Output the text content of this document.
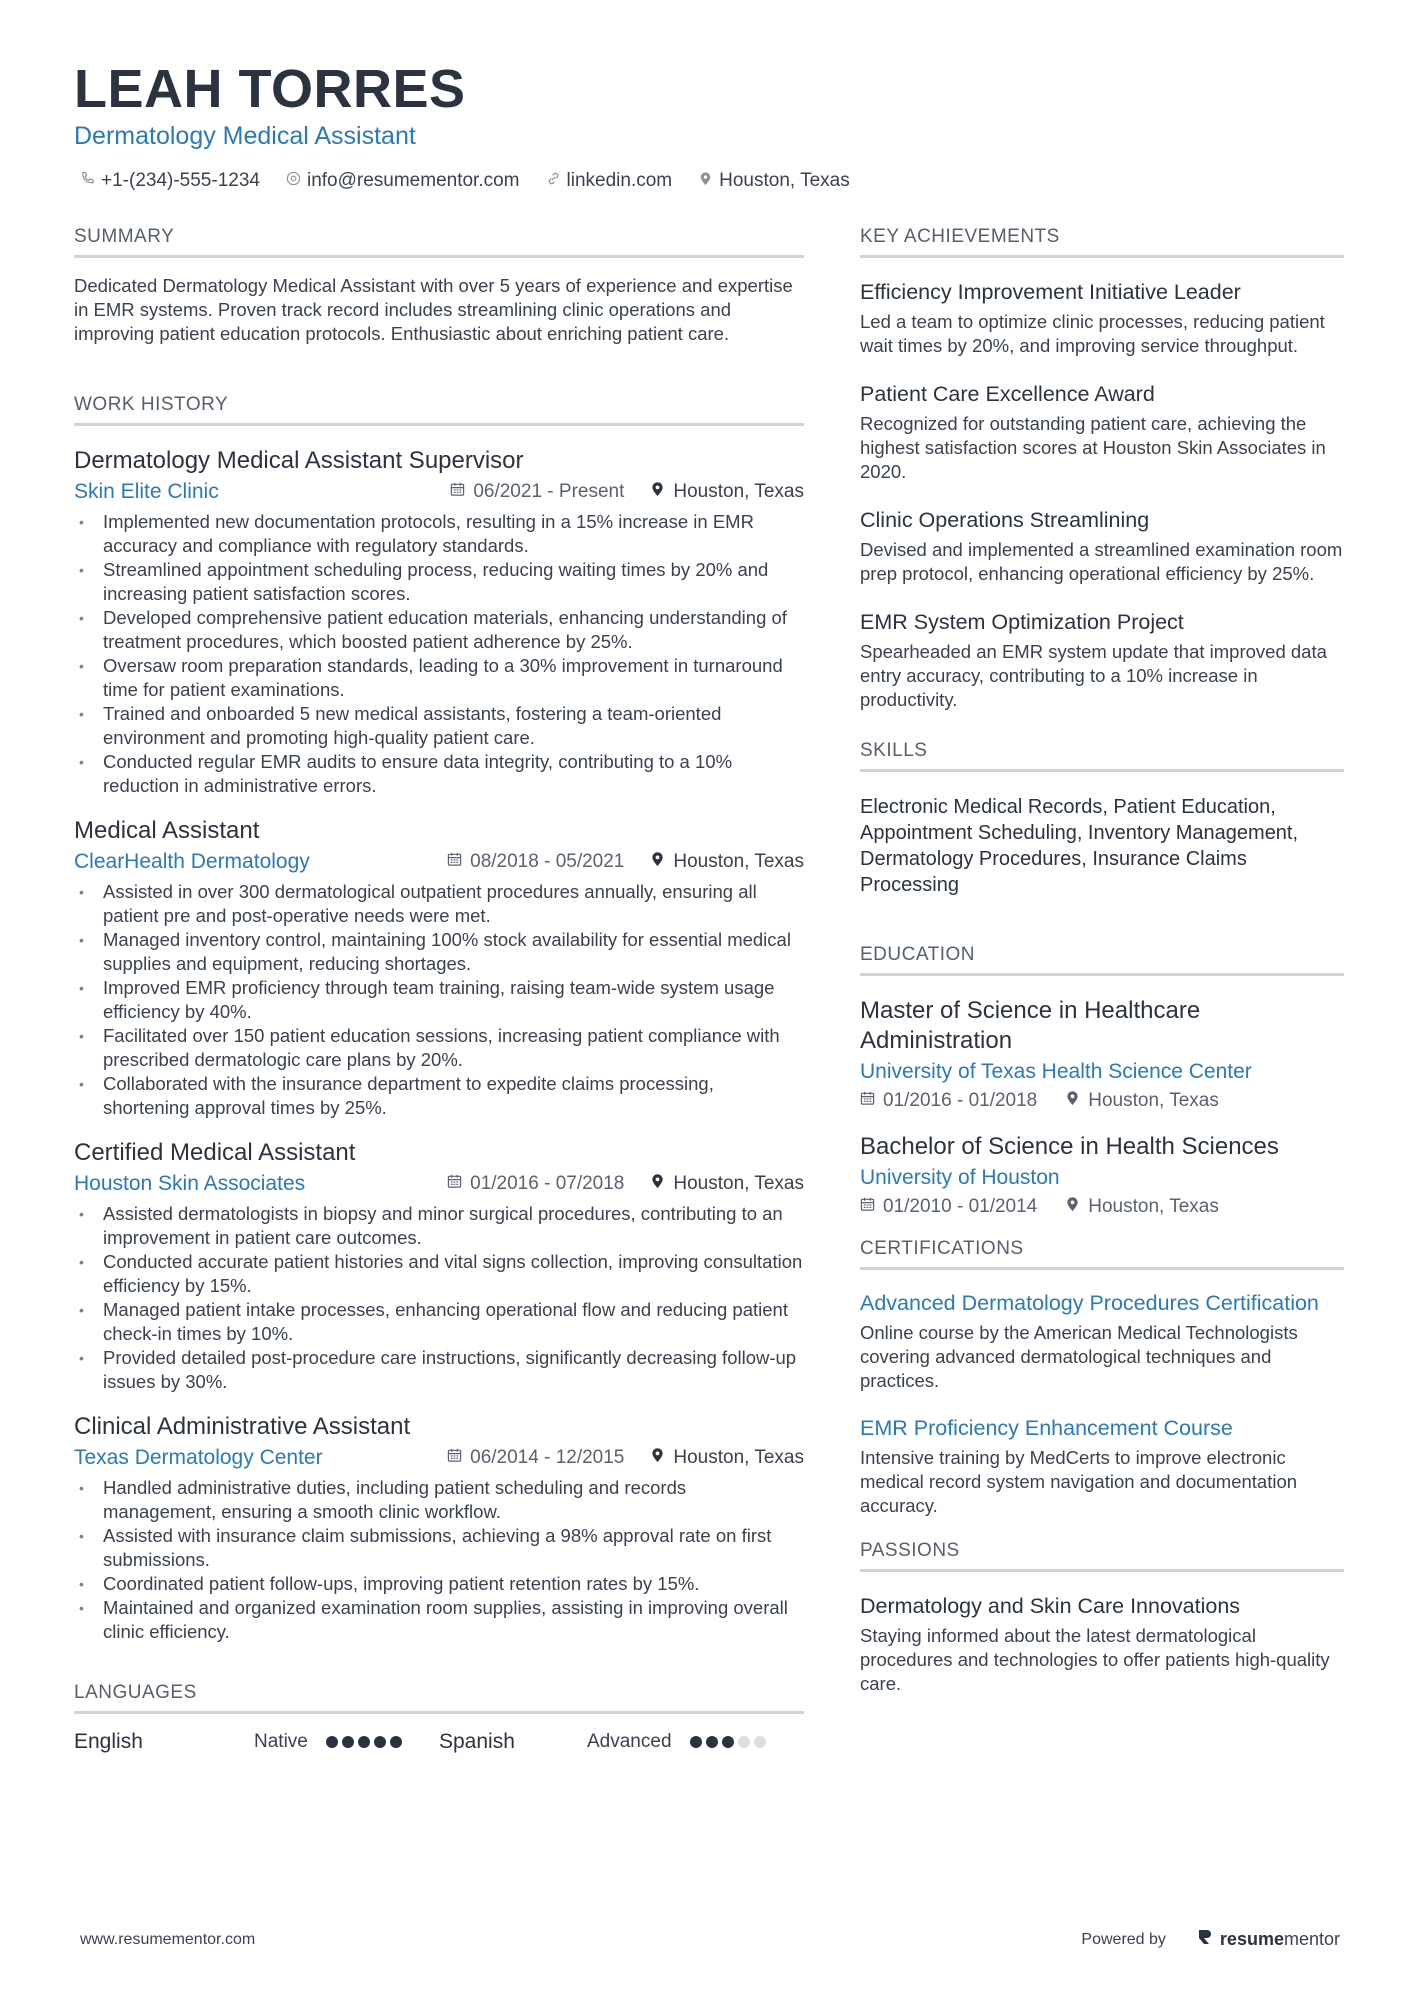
LEAH TORRES
Dermatology Medical Assistant
+1-(234)-555-1234 info@resumementor.com linkedin.com Houston, Texas
SUMMARY
Dedicated Dermatology Medical Assistant with over 5 years of experience and expertise in EMR systems. Proven track record includes streamlining clinic operations and improving patient education protocols. Enthusiastic about enriching patient care.
WORK HISTORY
Dermatology Medical Assistant Supervisor
Skin Elite Clinic	06/2021 - Present	Houston, Texas
• Implemented new documentation protocols, resulting in a 15% increase in EMR accuracy and compliance with regulatory standards.
• Streamlined appointment scheduling process, reducing waiting times by 20% and increasing patient satisfaction scores.
• Developed comprehensive patient education materials, enhancing understanding of treatment procedures, which boosted patient adherence by 25%.
• Oversaw room preparation standards, leading to a 30% improvement in turnaround time for patient examinations.
• Trained and onboarded 5 new medical assistants, fostering a team-oriented environment and promoting high-quality patient care.
• Conducted regular EMR audits to ensure data integrity, contributing to a 10% reduction in administrative errors.
Medical Assistant
ClearHealth Dermatology	08/2018 - 05/2021	Houston, Texas
• Assisted in over 300 dermatological outpatient procedures annually, ensuring all patient pre and post-operative needs were met.
• Managed inventory control, maintaining 100% stock availability for essential medical supplies and equipment, reducing shortages.
• Improved EMR proficiency through team training, raising team-wide system usage efficiency by 40%.
• Facilitated over 150 patient education sessions, increasing patient compliance with prescribed dermatologic care plans by 20%.
• Collaborated with the insurance department to expedite claims processing, shortening approval times by 25%.
Certified Medical Assistant
Houston Skin Associates	01/2016 - 07/2018	Houston, Texas
• Assisted dermatologists in biopsy and minor surgical procedures, contributing to an improvement in patient care outcomes.
• Conducted accurate patient histories and vital signs collection, improving consultation efficiency by 15%.
• Managed patient intake processes, enhancing operational flow and reducing patient check-in times by 10%.
• Provided detailed post-procedure care instructions, significantly decreasing follow-up issues by 30%.
Clinical Administrative Assistant
Texas Dermatology Center	06/2014 - 12/2015	Houston, Texas
• Handled administrative duties, including patient scheduling and records management, ensuring a smooth clinic workflow.
• Assisted with insurance claim submissions, achieving a 98% approval rate on first submissions.
• Coordinated patient follow-ups, improving patient retention rates by 15%.
• Maintained and organized examination room supplies, assisting in improving overall clinic efficiency.
LANGUAGES
English	Native	Spanish	Advanced
KEY ACHIEVEMENTS
Efficiency Improvement Initiative Leader
Led a team to optimize clinic processes, reducing patient wait times by 20%, and improving service throughput.
Patient Care Excellence Award
Recognized for outstanding patient care, achieving the highest satisfaction scores at Houston Skin Associates in 2020.
Clinic Operations Streamlining
Devised and implemented a streamlined examination room prep protocol, enhancing operational efficiency by 25%.
EMR System Optimization Project
Spearheaded an EMR system update that improved data entry accuracy, contributing to a 10% increase in productivity.
SKILLS
Electronic Medical Records, Patient Education, Appointment Scheduling, Inventory Management, Dermatology Procedures, Insurance Claims Processing
EDUCATION
Master of Science in Healthcare Administration
University of Texas Health Science Center
01/2016 - 01/2018	Houston, Texas
Bachelor of Science in Health Sciences
University of Houston
01/2010 - 01/2014	Houston, Texas
CERTIFICATIONS
Advanced Dermatology Procedures Certification
Online course by the American Medical Technologists covering advanced dermatological techniques and practices.
EMR Proficiency Enhancement Course
Intensive training by MedCerts to improve electronic medical record system navigation and documentation accuracy.
PASSIONS
Dermatology and Skin Care Innovations
Staying informed about the latest dermatological procedures and technologies to offer patients high-quality care.
www.resumementor.com	Powered by	resumementor
